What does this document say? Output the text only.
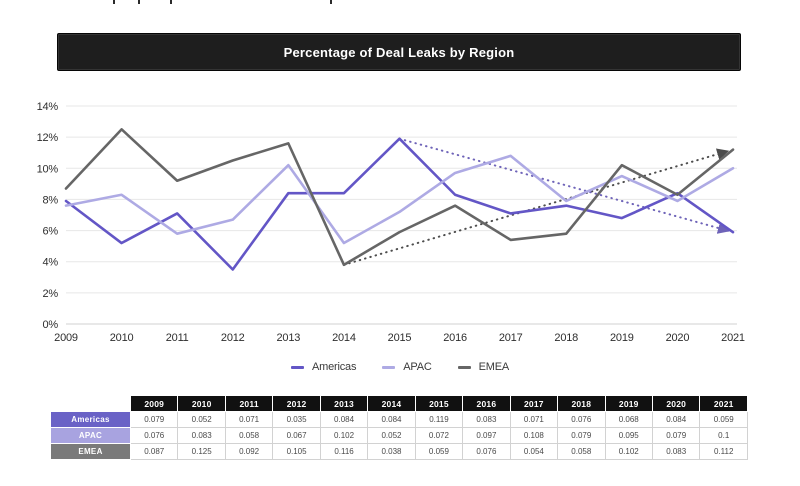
Percentage of Deal Leaks by Region
0%
2%
4%
6%
8%
10%
12%
14%
2009	2010	2011	2012	2013	2014	2015	2016	2017	2018	2019	2020	2021
Americas	APAC	EMEA
	2009	2010	2011	2012	2013	2014	2015	2016	2017	2018	2019	2020	2021
Americas	0.079	0.052	0.071	0.035	0.084	0.084	0.119	0.083	0.071	0.076	0.068	0.084	0.059
APAC	0.076	0.083	0.058	0.067	0.102	0.052	0.072	0.097	0.108	0.079	0.095	0.079	0.1
EMEA	0.087	0.125	0.092	0.105	0.116	0.038	0.059	0.076	0.054	0.058	0.102	0.083	0.112
